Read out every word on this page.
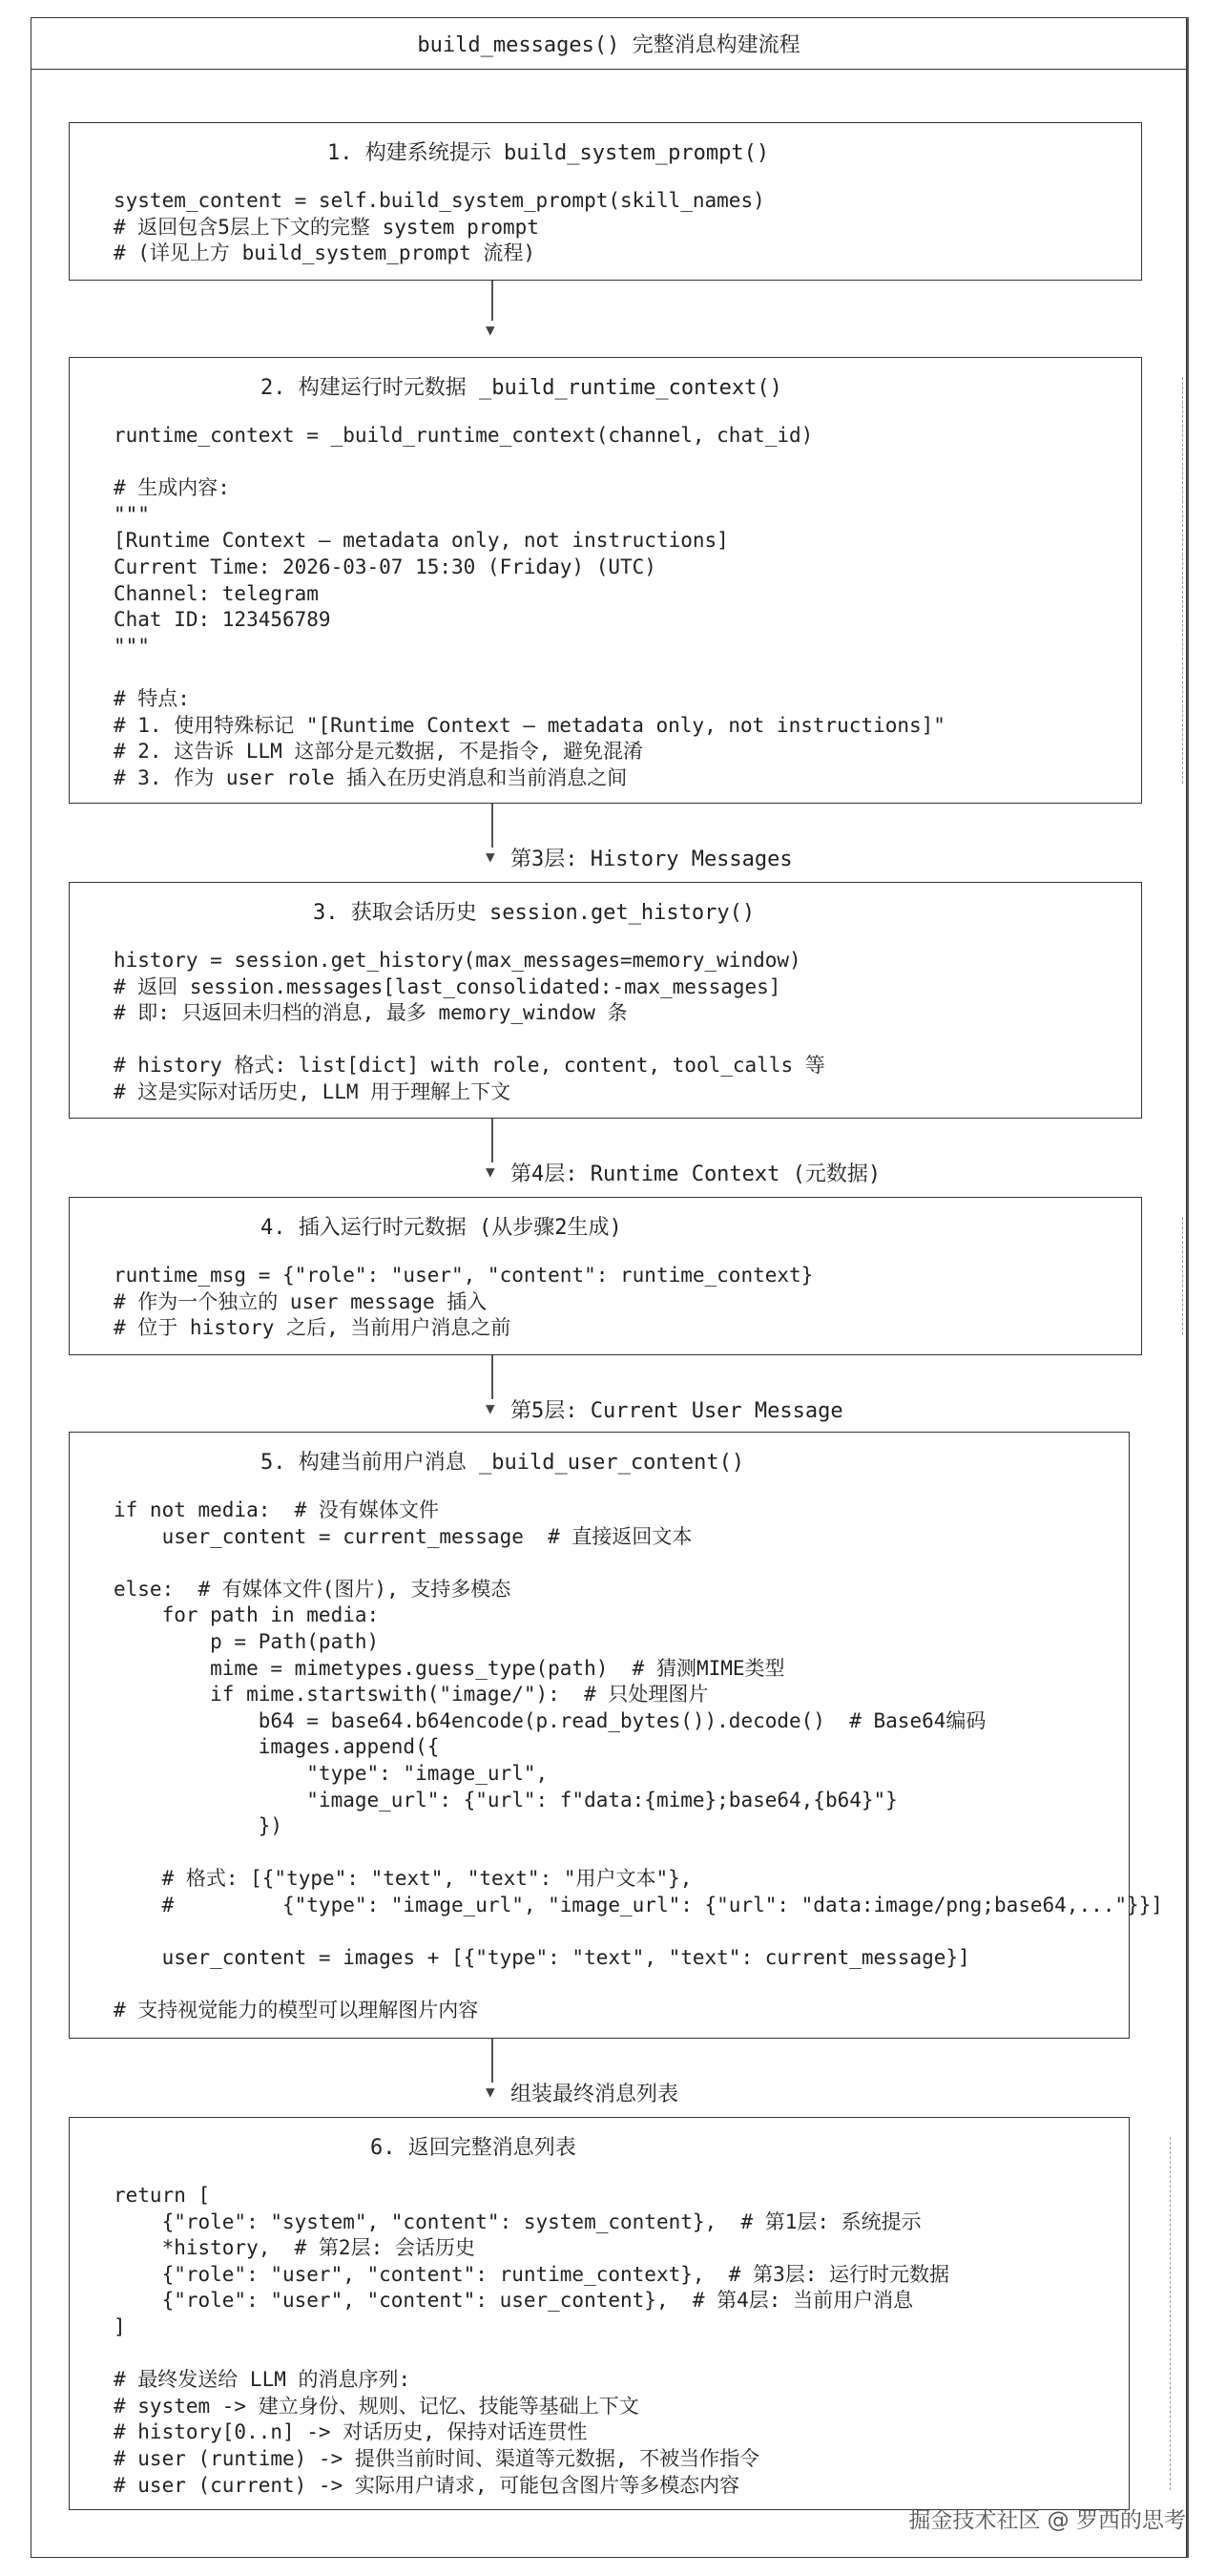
build_messages() 完整消息构建流程
1. 构建系统提示 build_system_prompt()
system_content = self.build_system_prompt(skill_names)
# 返回包含5层上下文的完整 system prompt
# (详见上方 build_system_prompt 流程)
▼
2. 构建运行时元数据 _build_runtime_context()
runtime_context = _build_runtime_context(channel, chat_id)

# 生成内容:
"""
[Runtime Context — metadata only, not instructions]
Current Time: 2026-03-07 15:30 (Friday) (UTC)
Channel: telegram
Chat ID: 123456789
"""

# 特点:
# 1. 使用特殊标记 "[Runtime Context — metadata only, not instructions]"
# 2. 这告诉 LLM 这部分是元数据, 不是指令, 避免混淆
# 3. 作为 user role 插入在历史消息和当前消息之间
▼ 第3层: History Messages
3. 获取会话历史 session.get_history()
history = session.get_history(max_messages=memory_window)
# 返回 session.messages[last_consolidated:-max_messages]
# 即: 只返回未归档的消息, 最多 memory_window 条

# history 格式: list[dict] with role, content, tool_calls 等
# 这是实际对话历史, LLM 用于理解上下文
▼ 第4层: Runtime Context (元数据)
4. 插入运行时元数据 (从步骤2生成)
runtime_msg = {"role": "user", "content": runtime_context}
# 作为一个独立的 user message 插入
# 位于 history 之后, 当前用户消息之前
▼ 第5层: Current User Message
5. 构建当前用户消息 _build_user_content()
if not media:  # 没有媒体文件
user_content = current_message  # 直接返回文本

else:  # 有媒体文件(图片), 支持多模态
for path in media:
p = Path(path)
mime = mimetypes.guess_type(path)  # 猜测MIME类型
if mime.startswith("image/"):  # 只处理图片
b64 = base64.b64encode(p.read_bytes()).decode()  # Base64编码
images.append({
"type": "image_url",
"image_url": {"url": f"data:{mime};base64,{b64}"}
})

# 格式: [{"type": "text", "text": "用户文本"},
#         {"type": "image_url", "image_url": {"url": "data:image/png;base64,..."}}]

user_content = images + [{"type": "text", "text": current_message}]

# 支持视觉能力的模型可以理解图片内容
▼ 组装最终消息列表
6. 返回完整消息列表
return [
{"role": "system", "content": system_content},  # 第1层: 系统提示
*history,  # 第2层: 会话历史
{"role": "user", "content": runtime_context},  # 第3层: 运行时元数据
{"role": "user", "content": user_content},  # 第4层: 当前用户消息
]

# 最终发送给 LLM 的消息序列:
# system -> 建立身份、规则、记忆、技能等基础上下文
# history[0..n] -> 对话历史, 保持对话连贯性
# user (runtime) -> 提供当前时间、渠道等元数据, 不被当作指令
# user (current) -> 实际用户请求, 可能包含图片等多模态内容
掘金技术社区 @ 罗西的思考
